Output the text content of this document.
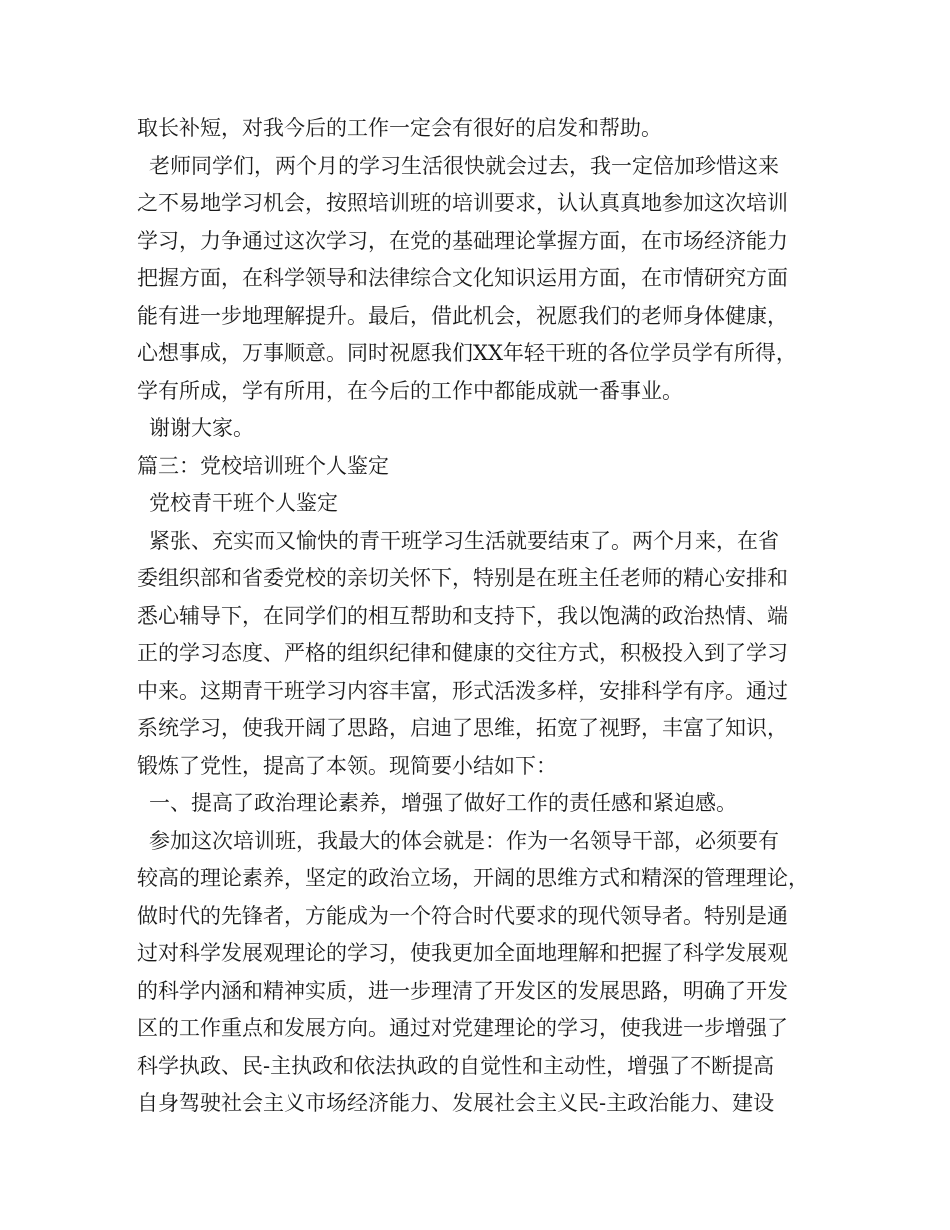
取长补短，对我今后的工作一定会有很好的启发和帮助。
老师同学们，两个月的学习生活很快就会过去，我一定倍加珍惜这来
之不易地学习机会，按照培训班的培训要求，认认真真地参加这次培训
学习，力争通过这次学习，在党的基础理论掌握方面，在市场经济能力
把握方面，在科学领导和法律综合文化知识运用方面，在市情研究方面
能有进一步地理解提升。最后，借此机会，祝愿我们的老师身体健康，
心想事成，万事顺意。同时祝愿我们XX年轻干班的各位学员学有所得，
学有所成，学有所用，在今后的工作中都能成就一番事业。
谢谢大家。
篇三：党校培训班个人鉴定
党校青干班个人鉴定
紧张、充实而又愉快的青干班学习生活就要结束了。两个月来，在省
委组织部和省委党校的亲切关怀下，特别是在班主任老师的精心安排和
悉心辅导下，在同学们的相互帮助和支持下，我以饱满的政治热情、端
正的学习态度、严格的组织纪律和健康的交往方式，积极投入到了学习
中来。这期青干班学习内容丰富，形式活泼多样，安排科学有序。通过
系统学习，使我开阔了思路，启迪了思维，拓宽了视野，丰富了知识，
锻炼了党性，提高了本领。现简要小结如下：
一、提高了政治理论素养，增强了做好工作的责任感和紧迫感。
参加这次培训班，我最大的体会就是：作为一名领导干部，必须要有
较高的理论素养，坚定的政治立场，开阔的思维方式和精深的管理理论，
做时代的先锋者，方能成为一个符合时代要求的现代领导者。特别是通
过对科学发展观理论的学习，使我更加全面地理解和把握了科学发展观
的科学内涵和精神实质，进一步理清了开发区的发展思路，明确了开发
区的工作重点和发展方向。通过对党建理论的学习，使我进一步增强了
科学执政、民-主执政和依法执政的自觉性和主动性，增强了不断提高
自身驾驶社会主义市场经济能力、发展社会主义民-主政治能力、建设
